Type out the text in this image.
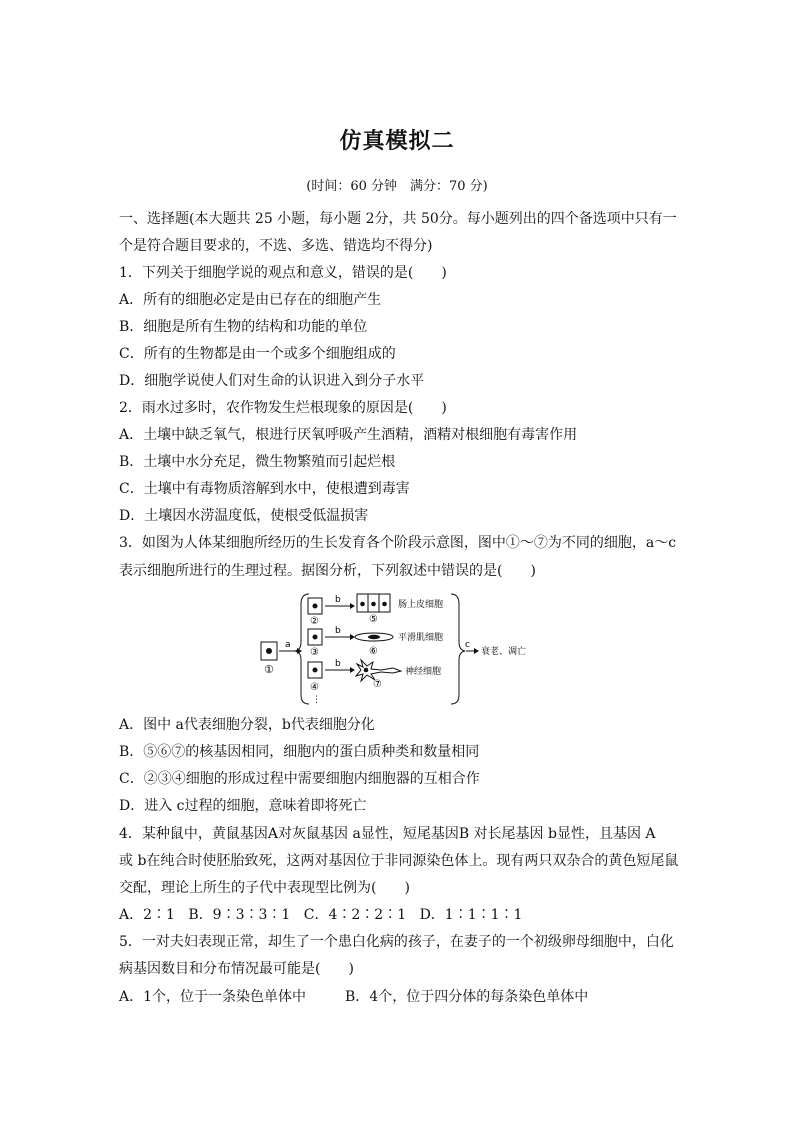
仿真模拟二
(时间：60 分钟　满分：70 分)
一、选择题(本大题共 25 小题，每小题 2分，共 50分。每小题列出的四个备选项中只有一
个是符合题目要求的，不选、多选、错选均不得分)
1．下列关于细胞学说的观点和意义，错误的是(　　)
A．所有的细胞必定是由已存在的细胞产生
B．细胞是所有生物的结构和功能的单位
C．所有的生物都是由一个或多个细胞组成的
D．细胞学说使人们对生命的认识进入到分子水平
2．雨水过多时，农作物发生烂根现象的原因是(　　)
A．土壤中缺乏氧气，根进行厌氧呼吸产生酒精，酒精对根细胞有毒害作用
B．土壤中水分充足，微生物繁殖而引起烂根
C．土壤中有毒物质溶解到水中，使根遭到毒害
D．土壤因水涝温度低，使根受低温损害
3．如图为人体某细胞所经历的生长发育各个阶段示意图，图中①～⑦为不同的细胞，a～c
表示细胞所进行的生理过程。据图分析，下列叙述中错误的是(　　)
①
a
②
③
④
⋮
b
b
b
⑤
肠上皮细胞
⑥
平滑肌细胞
⑦
神经细胞
c
衰老、凋亡
A．图中 a代表细胞分裂，b代表细胞分化
B．⑤⑥⑦的核基因相同，细胞内的蛋白质种类和数量相同
C．②③④细胞的形成过程中需要细胞内细胞器的互相合作
D．进入 c过程的细胞，意味着即将死亡
4．某种鼠中，黄鼠基因A对灰鼠基因 a显性，短尾基因B 对长尾基因 b显性，且基因 A
或 b在纯合时使胚胎致死，这两对基因位于非同源染色体上。现有两只双杂合的黄色短尾鼠
交配，理论上所生的子代中表现型比例为(　　)
A．2∶1 B．9∶3∶3∶1 C．4∶2∶2∶1 D．1∶1∶1∶1
5．一对夫妇表现正常，却生了一个患白化病的孩子，在妻子的一个初级卵母细胞中，白化
病基因数目和分布情况最可能是(　　)
A．1个，位于一条染色单体中	B．4个，位于四分体的每条染色单体中
